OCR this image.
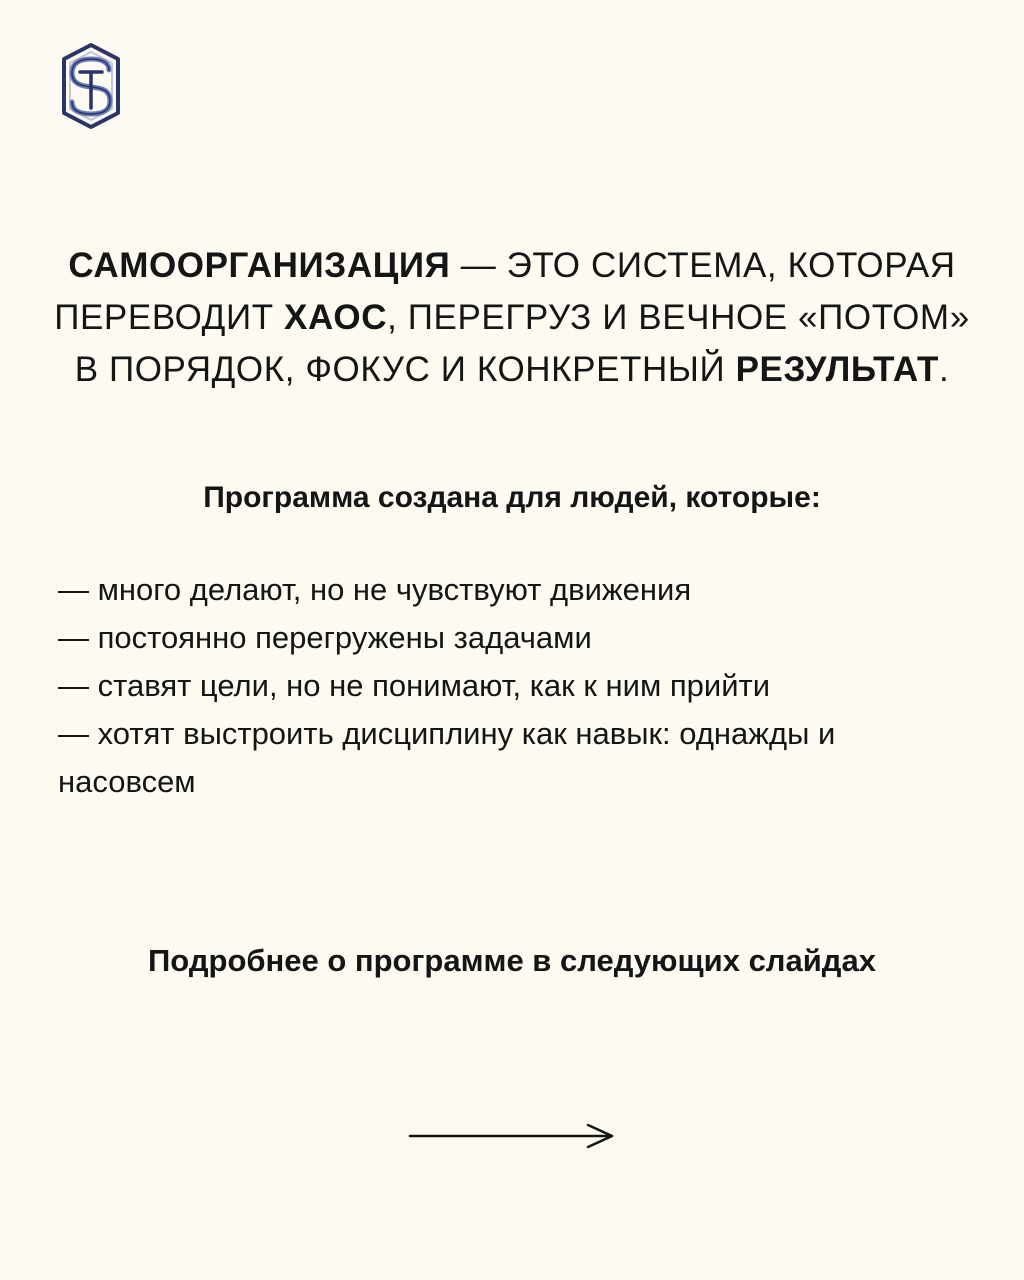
САМООРГАНИЗАЦИЯ — ЭТО СИСТЕМА, КОТОРАЯ ПЕРЕВОДИТ ХАОС, ПЕРЕГРУЗ И ВЕЧНОЕ «ПОТОМ» В ПОРЯДОК, ФОКУС И КОНКРЕТНЫЙ РЕЗУЛЬТАТ.
Программа создана для людей, которые:
— много делают, но не чувствуют движения
— постоянно перегружены задачами
— ставят цели, но не понимают, как к ним прийти
— хотят выстроить дисциплину как навык: однажды и насовсем
Подробнее о программе в следующих слайдах
